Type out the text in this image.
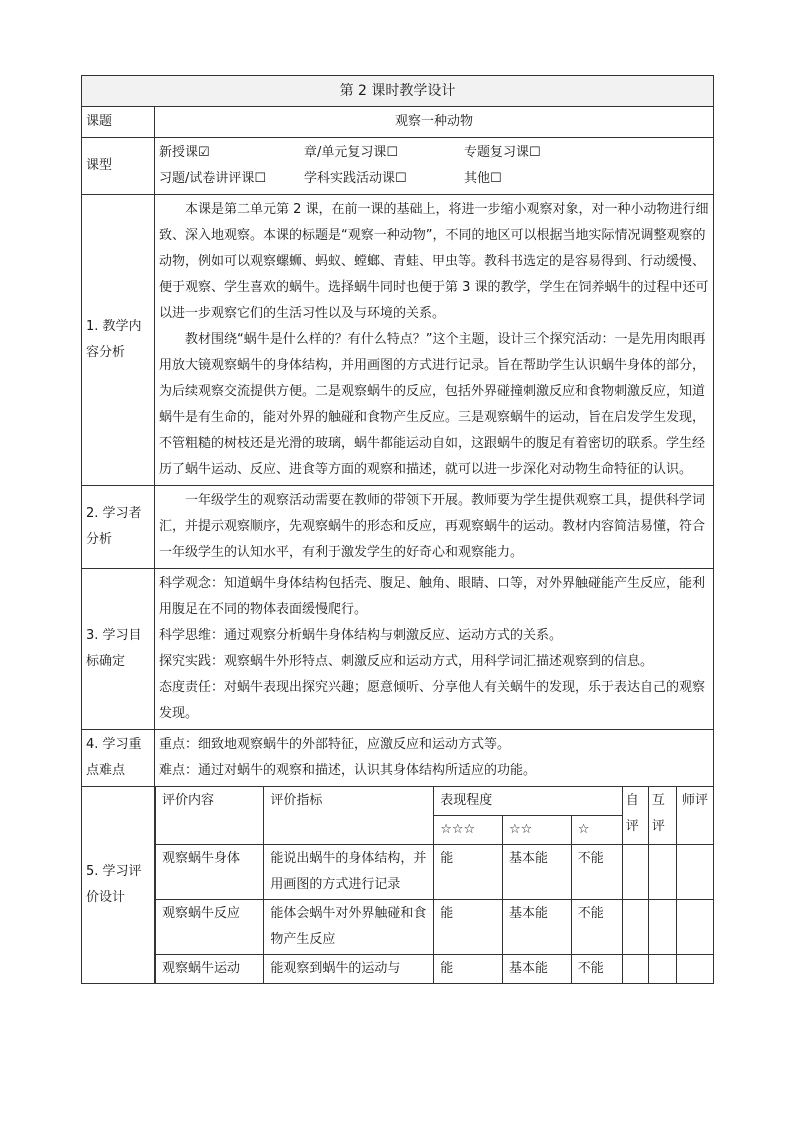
第 2 课时教学设计
课题	观察一种动物
课型	
新授课☑	章/单元复习课☐	专题复习课☐
习题/试卷讲评课☐	学科实践活动课☐	其他☐

1. 教学内容分析	

本课是第二单元第 2 课，在前一课的基础上，将进一步缩小观察对象，对一种小动物进行细致、深入地观察。本课的标题是“观察一种动物”，不同的地区可以根据当地实际情况调整观察的动物，例如可以观察螺蛳、蚂蚁、螳螂、青蛙、甲虫等。教科书选定的是容易得到、行动缓慢、便于观察、学生喜欢的蜗牛。选择蜗牛同时也便于第 3 课的教学，学生在饲养蜗牛的过程中还可以进一步观察它们的生活习性以及与环境的关系。

教材围绕“蜗牛是什么样的？有什么特点？”这个主题，设计三个探究活动：一是先用肉眼再用放大镜观察蜗牛的身体结构，并用画图的方式进行记录。旨在帮助学生认识蜗牛身体的部分，为后续观察交流提供方便。二是观察蜗牛的反应，包括外界碰撞刺激反应和食物刺激反应，知道蜗牛是有生命的，能对外界的触碰和食物产生反应。三是观察蜗牛的运动，旨在启发学生发现，不管粗糙的树枝还是光滑的玻璃，蜗牛都能运动自如，这跟蜗牛的腹足有着密切的联系。学生经历了蜗牛运动、反应、进食等方面的观察和描述，就可以进一步深化对动物生命特征的认识。

2. 学习者分析	

一年级学生的观察活动需要在教师的带领下开展。教师要为学生提供观察工具，提供科学词汇，并提示观察顺序，先观察蜗牛的形态和反应，再观察蜗牛的运动。教材内容简洁易懂，符合一年级学生的认知水平，有利于激发学生的好奇心和观察能力。

3. 学习目标确定	

科学观念：知道蜗牛身体结构包括壳、腹足、触角、眼睛、口等，对外界触碰能产生反应，能利用腹足在不同的物体表面缓慢爬行。

科学思维：通过观察分析蜗牛身体结构与刺激反应、运动方式的关系。

探究实践：观察蜗牛外形特点、刺激反应和运动方式，用科学词汇描述观察到的信息。

态度责任：对蜗牛表现出探究兴趣；愿意倾听、分享他人有关蜗牛的发现，乐于表达自己的观察发现。

4. 学习重点难点	

重点：细致地观察蜗牛的外部特征，应激反应和运动方式等。

难点：通过对蜗牛的观察和描述，认识其身体结构所适应的功能。

5. 学习评价设计	
评价内容	评价指标	表现程度	自评	互评	师评
☆☆☆	☆☆	☆
观察蜗牛身体	能说出蜗牛的身体结构，并用画图的方式进行记录	能	基本能	不能			
观察蜗牛反应	能体会蜗牛对外界触碰和食物产生反应	能	基本能	不能			
观察蜗牛运动	能观察到蜗牛的运动与	能	基本能	不能			
